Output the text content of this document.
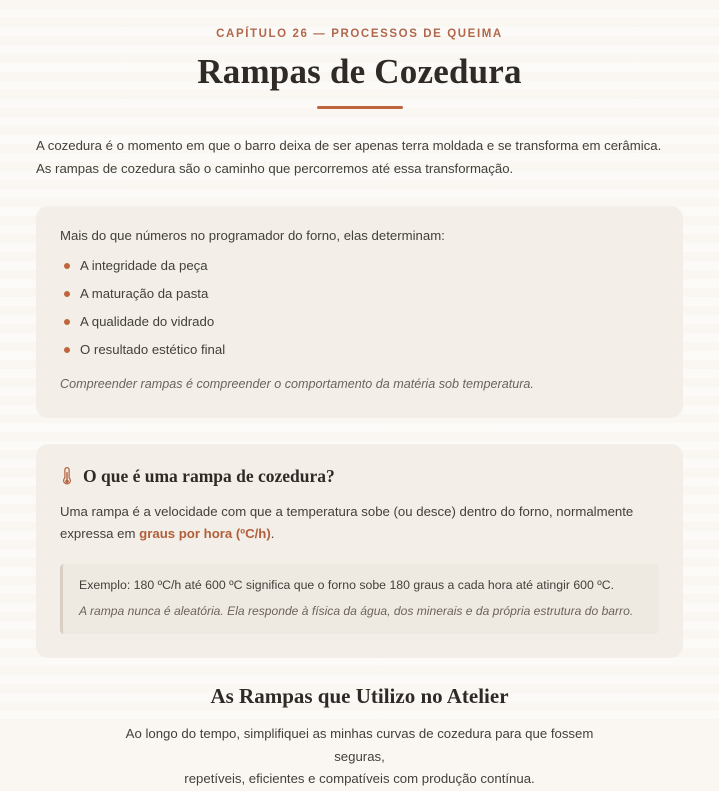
CAPÍTULO 26 — PROCESSOS DE QUEIMA
Rampas de Cozedura

A cozedura é o momento em que o barro deixa de ser apenas terra moldada e se transforma em cerâmica.

As rampas de cozedura são o caminho que percorremos até essa transformação.

Mais do que números no programador do forno, elas determinam:

A integridade da peça
A maturação da pasta
A qualidade do vidrado
O resultado estético final

Compreender rampas é compreender o comportamento da matéria sob temperatura.

O que é uma rampa de cozedura?

Uma rampa é a velocidade com que a temperatura sobe (ou desce) dentro do forno, normalmente expressa em graus por hora (ºC/h).

Exemplo: 180 ºC/h até 600 ºC significa que o forno sobe 180 graus a cada hora até atingir 600 ºC.

A rampa nunca é aleatória. Ela responde à física da água, dos minerais e da própria estrutura do barro.

As Rampas que Utilizo no Atelier

Ao longo do tempo, simplifiquei as minhas curvas de cozedura para que fossem seguras,

repetíveis, eficientes e compatíveis com produção contínua.
